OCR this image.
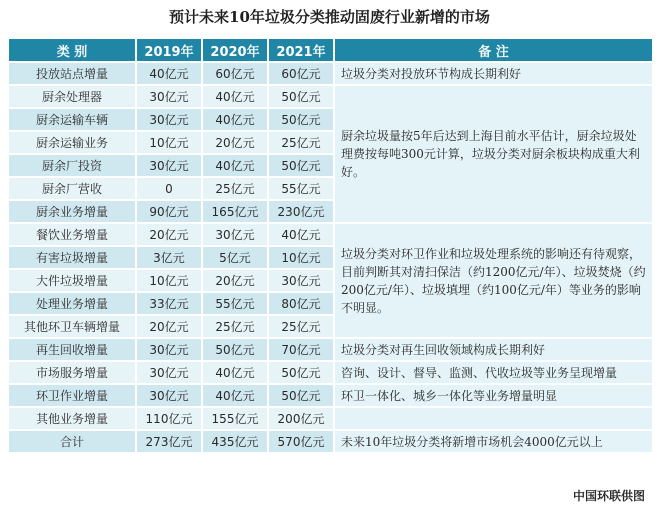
预计未来10年垃圾分类推动固废行业新增的市场
类 别	2019年	2020年	2021年	备 注
投放站点增量	40亿元	60亿元	60亿元	垃圾分类对投放环节构成长期利好
厨余处理器	30亿元	40亿元	50亿元	厨余垃圾量按5年后达到上海目前水平估计，厨余垃圾处理费按每吨300元计算，垃圾分类对厨余板块构成重大利好。
厨余运输车辆	30亿元	40亿元	50亿元	
厨余运输业务	10亿元	20亿元	25亿元	
厨余厂投资	30亿元	40亿元	50亿元	
厨余厂营收	0	25亿元	55亿元	
厨余业务增量	90亿元	165亿元	230亿元	
餐饮业务增量	20亿元	30亿元	40亿元	垃圾分类对环卫作业和垃圾处理系统的影响还有待观察，目前判断其对清扫保洁（约1200亿元/年）、垃圾焚烧（约200亿元/年）、垃圾填埋（约100亿元/年）等业务的影响不明显。
有害垃圾增量	3亿元	5亿元	10亿元	
大件垃圾增量	10亿元	20亿元	30亿元	
处理业务增量	33亿元	55亿元	80亿元	
其他环卫车辆增量	20亿元	25亿元	25亿元	
再生回收增量	30亿元	50亿元	70亿元	垃圾分类对再生回收领域构成长期利好
市场服务增量	30亿元	40亿元	50亿元	咨询、设计、督导、监测、代收垃圾等业务呈现增量
环卫作业增量	30亿元	40亿元	50亿元	环卫一体化、城乡一体化等业务增量明显
其他业务增量	110亿元	155亿元	200亿元	
合计	273亿元	435亿元	570亿元	未来10年垃圾分类将新增市场机会4000亿元以上
中国环联供图
